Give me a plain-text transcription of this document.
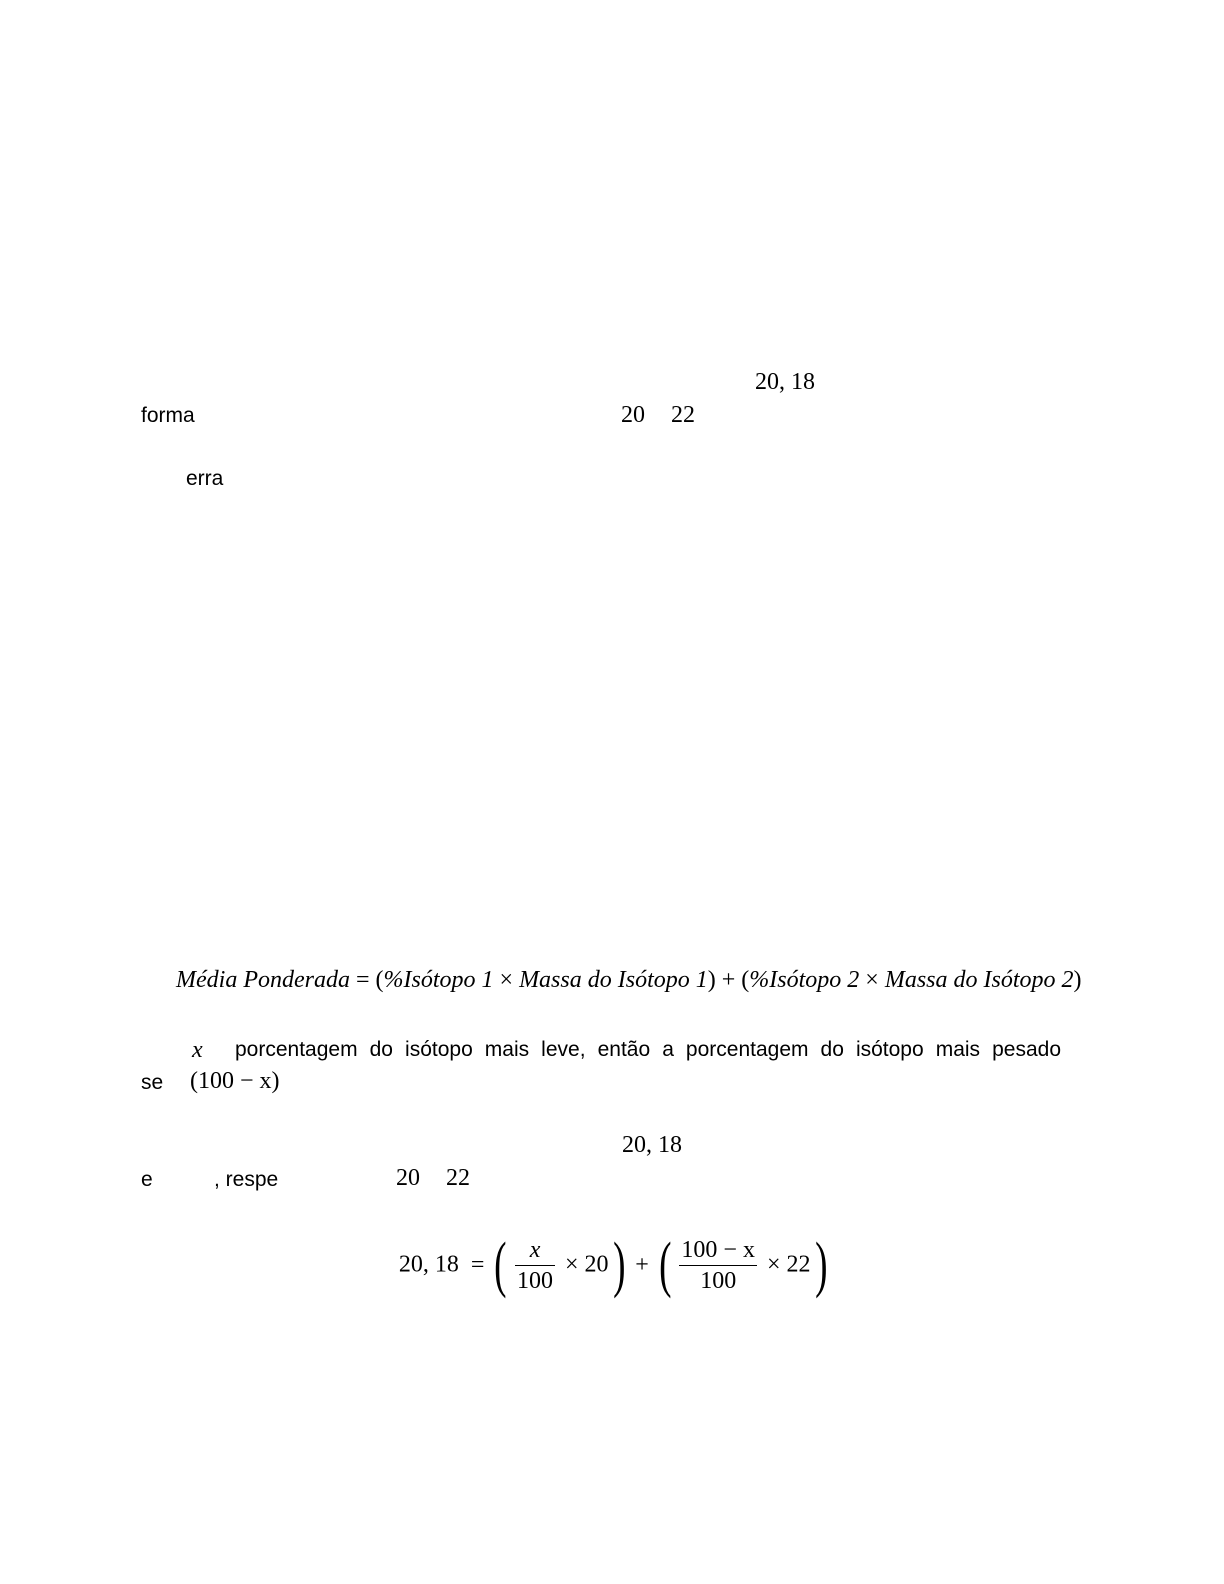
20, 18
forma	20 22
erra
Média Ponderada = (%Isótopo 1 × Massa do Isótopo 1) + (%Isótopo 2 × Massa do Isótopo 2)
x porcentagem do isótopo mais leve, então a porcentagem do isótopo mais pesado
se (100 − x)
20, 18
e	, respe	20 22
20, 18 = ( $\frac{x}{100} \times 20$ ) + ( $\frac{100 - x}{100} \times 22$ )
